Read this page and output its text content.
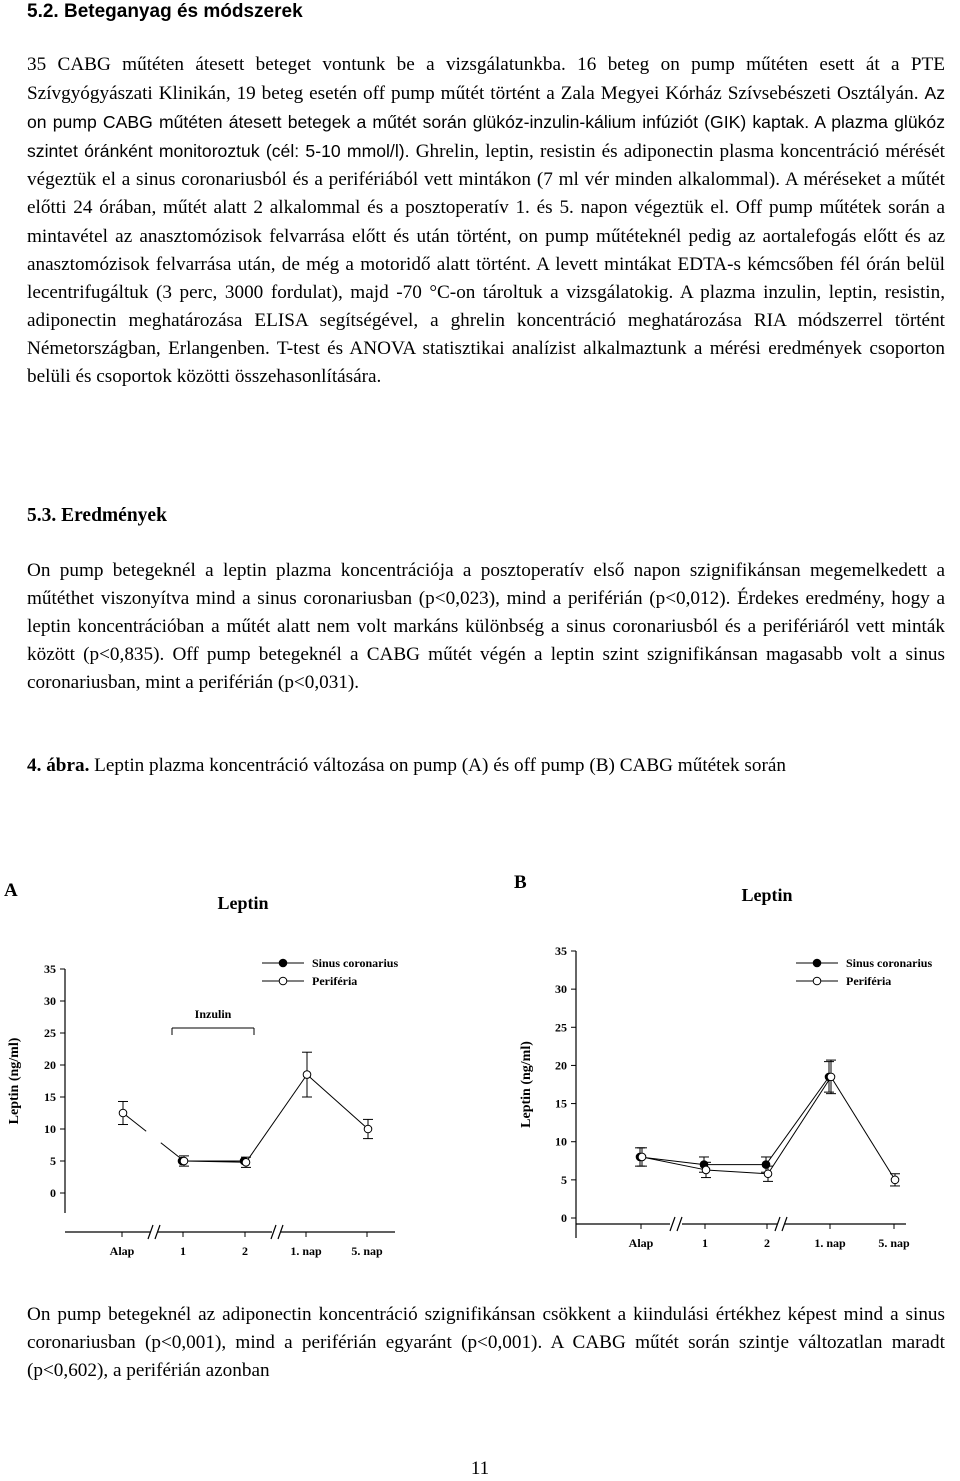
5.2. Beteganyag és módszerek

35 CABG műtéten átesett beteget vontunk be a vizsgálatunkba. 16 beteg on pump műtéten esett át a PTE Szívgyógyászati Klinikán, 19 beteg esetén off pump műtét történt a Zala Megyei Kórház Szívsebészeti Osztályán. Az on pump CABG műtéten átesett betegek a műtét során glükóz-inzulin-kálium infúziót (GIK) kaptak. A plazma glükóz szintet óránként monitoroztuk (cél: 5-10 mmol/l). Ghrelin, leptin, resistin és adiponectin plasma koncentráció mérését végeztük el a sinus coronariusból és a perifériából vett mintákon (7 ml vér minden alkalommal). A méréseket a műtét előtti 24 órában, műtét alatt 2 alkalommal és a posztoperatív 1. és 5. napon végeztük el. Off pump műtétek során a mintavétel az anasztomózisok felvarrása előtt és után történt, on pump műtéteknél pedig az aortalefogás előtt és az anasztomózisok felvarrása után, de még a motoridő alatt történt. A levett mintákat EDTA-s kémcsőben fél órán belül lecentrifugáltuk (3 perc, 3000 fordulat), majd -70 °C-on tároltuk a vizsgálatokig. A plazma inzulin, leptin, resistin, adiponectin meghatározása ELISA segítségével, a ghrelin koncentráció meghatározása RIA módszerrel történt Németországban, Erlangenben. T-test és ANOVA statisztikai analízist alkalmaztunk a mérési eredmények csoporton belüli és csoportok közötti összehasonlítására.

5.3. Eredmények

On pump betegeknél a leptin plazma koncentrációja a posztoperatív első napon szignifikánsan megemelkedett a műtéthet viszonyítva mind a sinus coronariusban (p<0,023), mind a periférián (p<0,012). Érdekes eredmény, hogy a leptin koncentrációban a műtét alatt nem volt markáns különbség a sinus coronariusból és a perifériáról vett minták között (p<0,835). Off pump betegeknél a CABG műtét végén a leptin szint szignifikánsan magasabb volt a sinus coronariusban, mint a periférián (p<0,031).

4. ábra. Leptin plazma koncentráció változása on pump (A) és off pump (B) CABG műtétek során

On pump betegeknél az adiponectin koncentráció szignifikánsan csökkent a kiindulási értékhez képest mind a sinus coronariusban (p<0,001), mind a periférián egyaránt (p<0,001). A CABG műtét során szintje változatlan maradt (p<0,602), a periférián azonban

A
Leptin
Leptin (ng/ml)
0
5
10
15
20
25
30
35
Alap	1	2	1. nap 5. nap
Sinus coronarius
Periféria
Inzulin
B
Leptin
Leptin (ng/ml)
0
5
10
15
20
25
30
35
Alap	1	2	1. nap	5. nap
Sinus coronarius
Periféria
11
